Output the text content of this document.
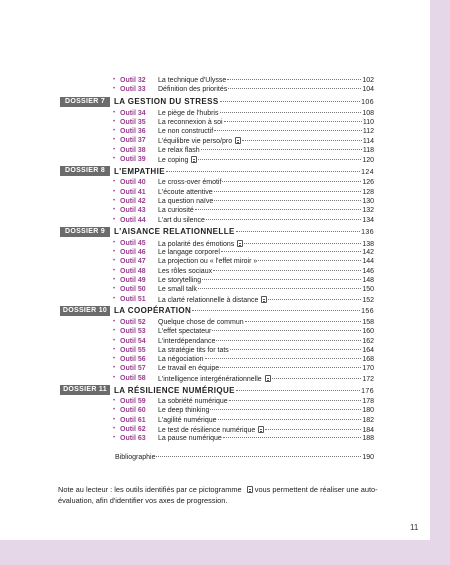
• Outil 32 La technique d'Ulysse	102
• Outil 33 Définition des priorités	104
DOSSIER 7	LA GESTION DU STRESS	106
• Outil 34 Le piège de l'hubris	108
• Outil 35 La reconnexion à soi	110
• Outil 36 Le non constructif	112
• Outil 37 L'équilibre vie perso/pro	114
• Outil 38 Le relax flash	118
• Outil 39 Le coping	120
DOSSIER 8	L'EMPATHIE	124
• Outil 40 Le cross-over émotif	126
• Outil 41 L'écoute attentive	128
• Outil 42 La question naïve	130
• Outil 43 La curiosité	132
• Outil 44 L'art du silence	134
DOSSIER 9	L'AISANCE RELATIONNELLE	136
• Outil 45 La polarité des émotions	138
• Outil 46 Le langage corporel	142
• Outil 47 La projection ou « l'effet miroir »	144
• Outil 48 Les rôles sociaux	146
• Outil 49 Le storytelling	148
• Outil 50 Le small talk	150
• Outil 51 La clarté relationnelle à distance	152
DOSSIER 10 LA COOPÉRATION	156
• Outil 52 Quelque chose de commun	158
• Outil 53 L'effet spectateur	160
• Outil 54 L'interdépendance	162
• Outil 55 La stratégie tits for tats	164
• Outil 56 La négociation	168
• Outil 57 Le travail en équipe	170
• Outil 58 L'intelligence intergénérationnelle	172
DOSSIER 11 LA RÉSILIENCE NUMÉRIQUE	176
• Outil 59 La sobriété numérique	178
• Outil 60 Le deep thinking	180
• Outil 61 L'agilité numérique	182
• Outil 62 Le test de résilience numérique	184
• Outil 63 La pause numérique	188
Bibliographie	190
Note au lecteur : les outils identifiés par ce pictogramme vous permettent de réaliser une auto-évaluation, afin d'identifier vos axes de progression.
11
